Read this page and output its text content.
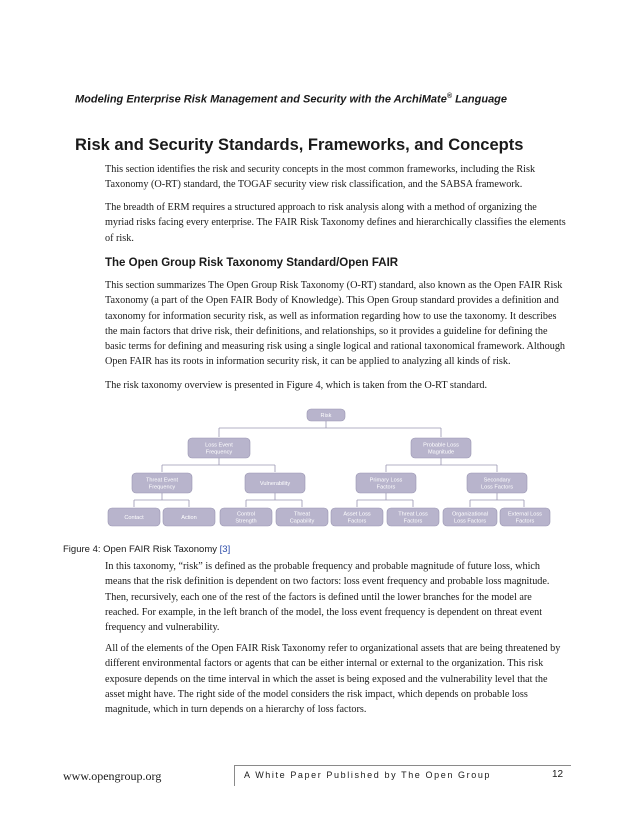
Modeling Enterprise Risk Management and Security with the ArchiMate® Language
Risk and Security Standards, Frameworks, and Concepts
This section identifies the risk and security concepts in the most common frameworks, including the Risk Taxonomy (O-RT) standard, the TOGAF security view risk classification, and the SABSA framework.
The breadth of ERM requires a structured approach to risk analysis along with a method of organizing the myriad risks facing every enterprise. The FAIR Risk Taxonomy defines and hierarchically classifies the elements of risk.
The Open Group Risk Taxonomy Standard/Open FAIR
This section summarizes The Open Group Risk Taxonomy (O-RT) standard, also known as the Open FAIR Risk Taxonomy (a part of the Open FAIR Body of Knowledge). This Open Group standard provides a definition and taxonomy for information security risk, as well as information regarding how to use the taxonomy. It describes the main factors that drive risk, their definitions, and relationships, so it provides a guideline for defining the basic terms for defining and measuring risk using a single logical and rational taxonomical framework. Although Open FAIR has its roots in information security risk, it can be applied to analyzing all kinds of risk.
The risk taxonomy overview is presented in Figure 4, which is taken from the O-RT standard.
Risk
Loss Event
Frequency
Probable Loss
Magnitude
Threat Event
Frequency
Vulnerability
Primary Loss
Factors
Secondary
Loss Factors
Contact	Action
Control
Strength
Threat
Capability
Asset Loss
Factors
Threat Loss
Factors
Organizational
Loss Factors
External Loss
Factors
Figure 4: Open FAIR Risk Taxonomy [3]
In this taxonomy, “risk” is defined as the probable frequency and probable magnitude of future loss, which means that the risk definition is dependent on two factors: loss event frequency and probable loss magnitude. Then, recursively, each one of the rest of the factors is defined until the lower branches for the model are reached. For example, in the left branch of the model, the loss event frequency is dependent on threat event frequency and vulnerability.
All of the elements of the Open FAIR Risk Taxonomy refer to organizational assets that are being threatened by different environmental factors or agents that can be either internal or external to the organization. This risk exposure depends on the time interval in which the asset is being exposed and the vulnerability level that the asset might have. The right side of the model considers the risk impact, which depends on probable loss magnitude, which in turn depends on a hierarchy of loss factors.
www.opengroup.org	A White Paper Published by The Open Group	12
